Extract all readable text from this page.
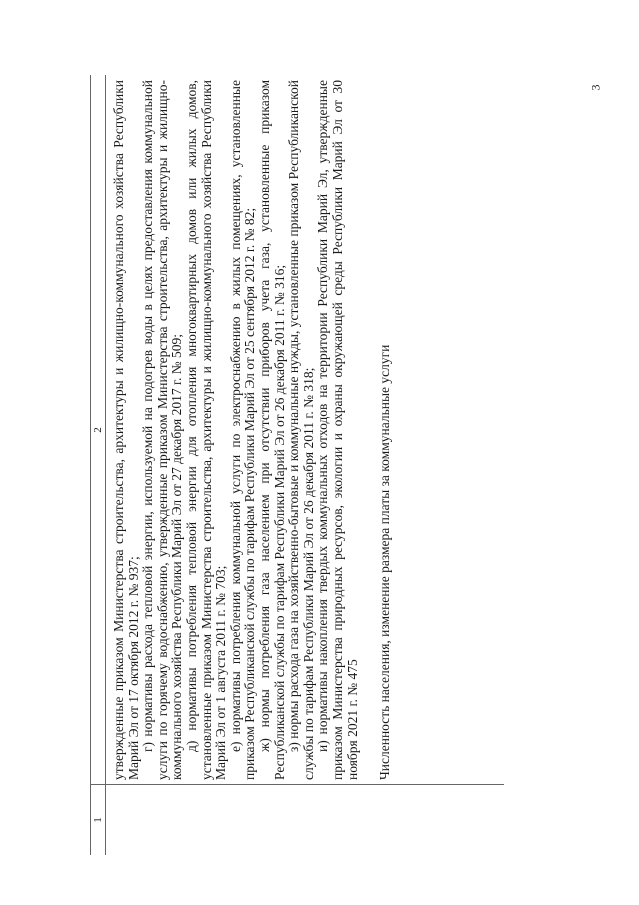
3
1
2 утвержденные приказом Министерства строительства, архитектуры и жилищно-коммунального хозяйства Республики Марий Эл от 17 октября 2012 г. № 937; г) нормативы расхода тепловой энергии, используемой на подогрев воды в целях предоставления коммунальной услуги по горячему водоснабжению, утвержденные приказом Министерства строительства, архитектуры и жилищно-коммунального хозяйства Республики Марий Эл от 27 декабря 2017 г. № 509; д) нормативы потребления тепловой энергии для отопления многоквартирных домов или жилых домов, установленные приказом Министерства строительства, архитектуры и жилищно-коммунального хозяйства Республики Марий Эл от 1 августа 2011 г. № 703; е) нормативы потребления коммунальной услуги по электроснабжению в жилых помещениях, установленные приказом Республиканской службы по тарифам Республики Марий Эл от 25 сентября 2012 г. № 82; ж) нормы потребления газа населением при отсутствии приборов учета газа, установленные приказом Республиканской службы по тарифам Республики Марий Эл от 26 декабря 2011 г. № 316; з) нормы расхода газа на хозяйственно-бытовые и коммунальные нужды, установленные приказом Республиканской службы по тарифам Республики Марий Эл от 26 декабря 2011 г. № 318; и) нормативы накопления твердых коммунальных отходов на территории Республики Марий Эл, утвержденные приказом Министерства природных ресурсов, экологии и охраны окружающей среды Республики Марий Эл от 30 ноября 2021 г. № 475 Численность населения, изменение размера платы за коммунальные услуги
